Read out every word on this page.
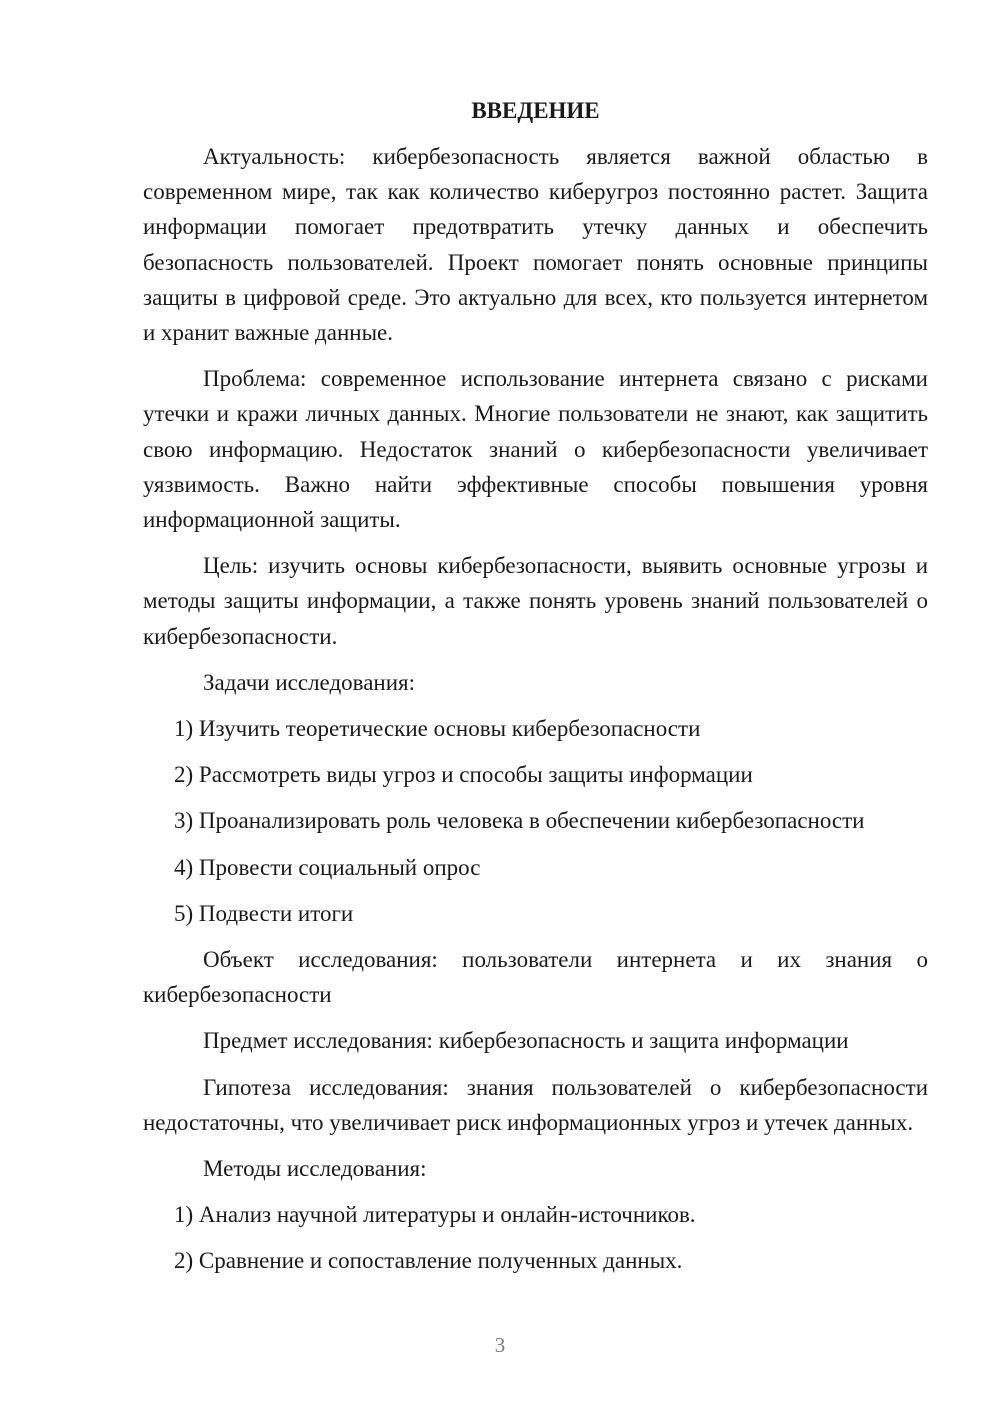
ВВЕДЕНИЕ

Актуальность: кибербезопасность является важной областью в современном мире, так как количество киберугроз постоянно растет. Защита информации помогает предотвратить утечку данных и обеспечить безопасность пользователей. Проект помогает понять основные принципы защиты в цифровой среде. Это актуально для всех, кто пользуется интернетом и хранит важные данные.

Проблема: современное использование интернета связано с рисками утечки и кражи личных данных. Многие пользователи не знают, как защитить свою информацию. Недостаток знаний о кибербезопасности увеличивает уязвимость. Важно найти эффективные способы повышения уровня информационной защиты.

Цель: изучить основы кибербезопасности, выявить основные угрозы и методы защиты информации, а также понять уровень знаний пользователей о кибербезопасности.

Задачи исследования:

1) Изучить теоретические основы кибербезопасности

2) Рассмотреть виды угроз и способы защиты информации

3) Проанализировать роль человека в обеспечении кибербезопасности

4) Провести социальный опрос

5) Подвести итоги

Объект исследования: пользователи интернета и их знания о кибербезопасности

Предмет исследования: кибербезопасность и защита информации

Гипотеза исследования: знания пользователей о кибербезопасности недостаточны, что увеличивает риск информационных угроз и утечек данных.

Методы исследования:

1) Анализ научной литературы и онлайн-источников.

2) Сравнение и сопоставление полученных данных.

3
